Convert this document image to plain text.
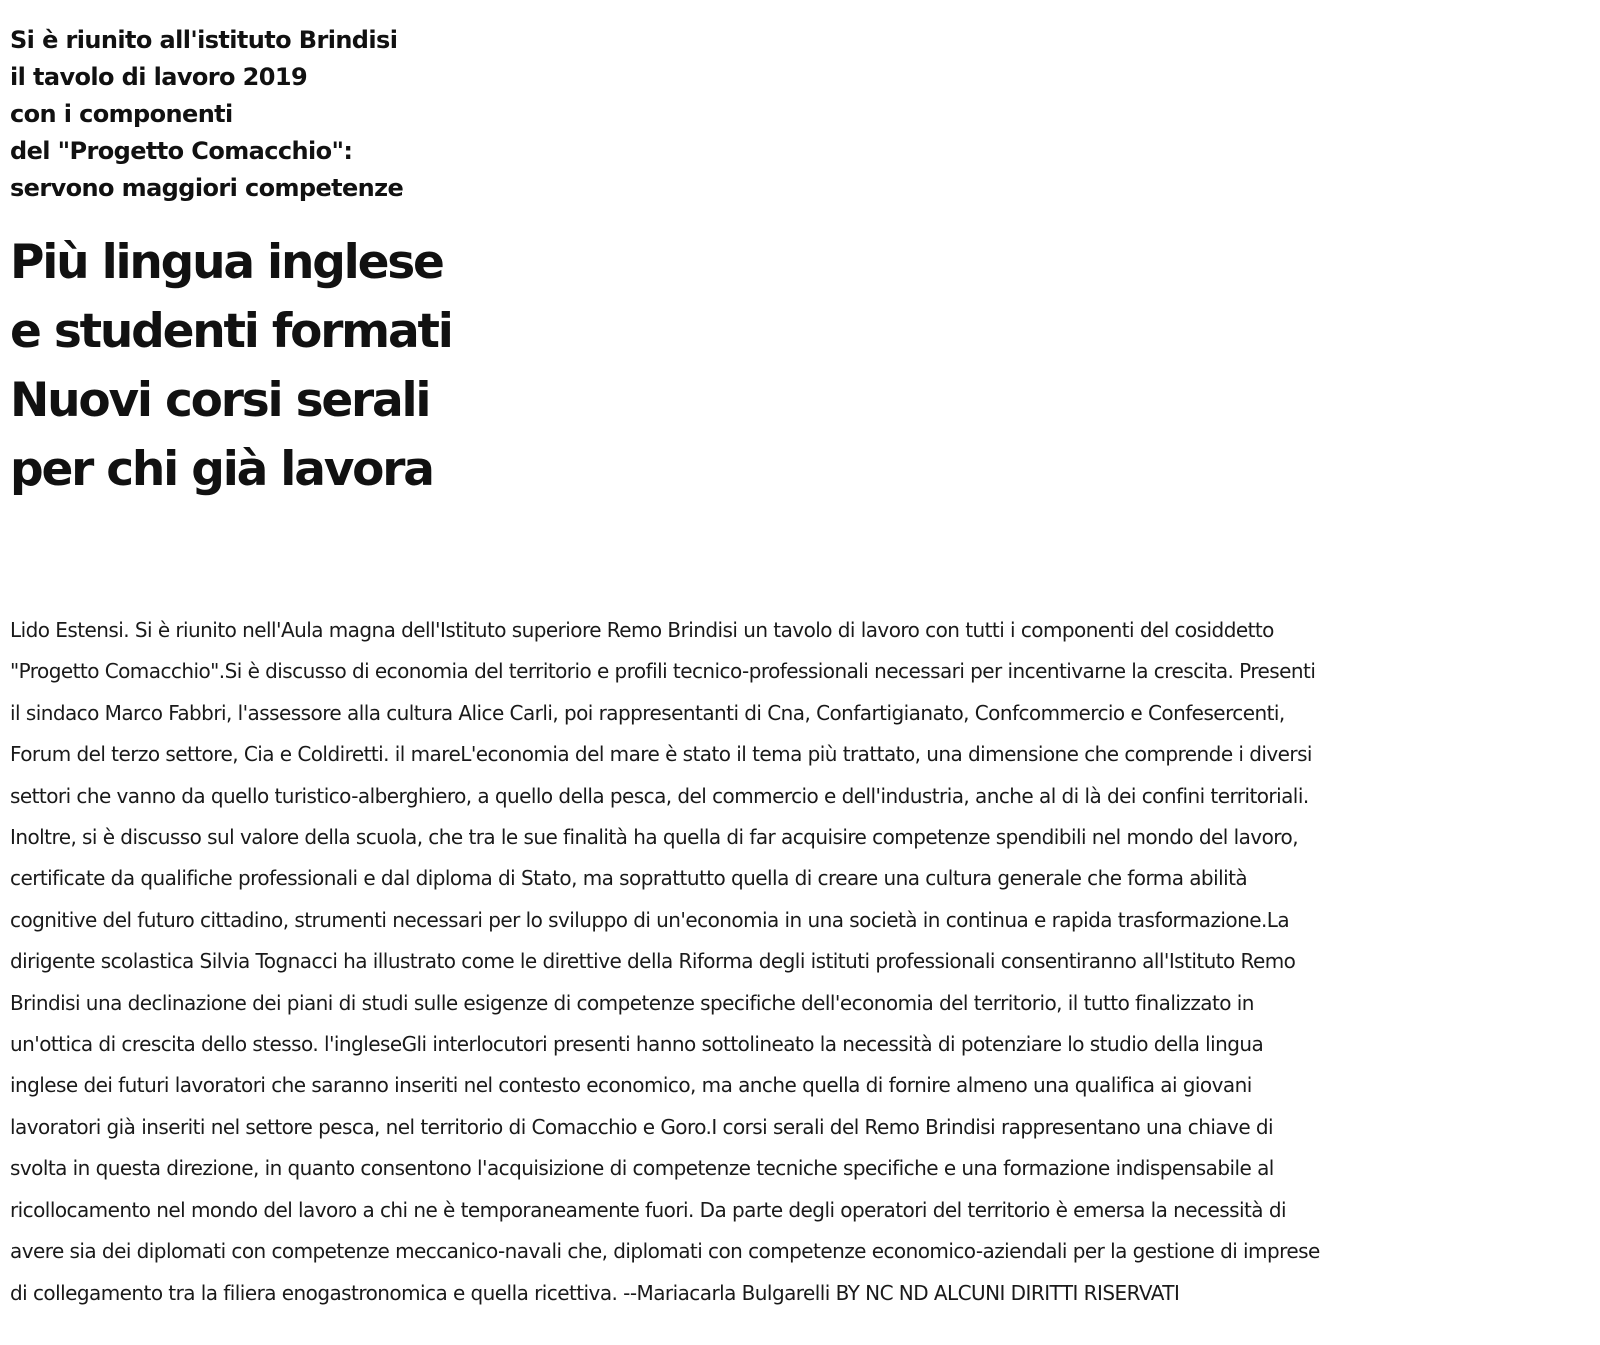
Si è riunito all'istituto Brindisi
il tavolo di lavoro 2019
con i componenti
del "Progetto Comacchio":
servono maggiori competenze
Più lingua inglese
e studenti formati
Nuovi corsi serali
per chi già lavora

Lido Estensi. Si è riunito nell'Aula magna dell'Istituto superiore Remo Brindisi un tavolo di lavoro con tutti i componenti del cosiddetto
"Progetto Comacchio".Si è discusso di economia del territorio e profili tecnico-professionali necessari per incentivarne la crescita. Presenti
il sindaco Marco Fabbri, l'assessore alla cultura Alice Carli, poi rappresentanti di Cna, Confartigianato, Confcommercio e Confesercenti,
Forum del terzo settore, Cia e Coldiretti. il mareL'economia del mare è stato il tema più trattato, una dimensione che comprende i diversi
settori che vanno da quello turistico-alberghiero, a quello della pesca, del commercio e dell'industria, anche al di là dei confini territoriali.
Inoltre, si è discusso sul valore della scuola, che tra le sue finalità ha quella di far acquisire competenze spendibili nel mondo del lavoro,
certificate da qualifiche professionali e dal diploma di Stato, ma soprattutto quella di creare una cultura generale che forma abilità
cognitive del futuro cittadino, strumenti necessari per lo sviluppo di un'economia in una società in continua e rapida trasformazione.La
dirigente scolastica Silvia Tognacci ha illustrato come le direttive della Riforma degli istituti professionali consentiranno all'Istituto Remo
Brindisi una declinazione dei piani di studi sulle esigenze di competenze specifiche dell'economia del territorio, il tutto finalizzato in
un'ottica di crescita dello stesso. l'ingleseGli interlocutori presenti hanno sottolineato la necessità di potenziare lo studio della lingua
inglese dei futuri lavoratori che saranno inseriti nel contesto economico, ma anche quella di fornire almeno una qualifica ai giovani
lavoratori già inseriti nel settore pesca, nel territorio di Comacchio e Goro.I corsi serali del Remo Brindisi rappresentano una chiave di
svolta in questa direzione, in quanto consentono l'acquisizione di competenze tecniche specifiche e una formazione indispensabile al
ricollocamento nel mondo del lavoro a chi ne è temporaneamente fuori. Da parte degli operatori del territorio è emersa la necessità di
avere sia dei diplomati con competenze meccanico-navali che, diplomati con competenze economico-aziendali per la gestione di imprese
di collegamento tra la filiera enogastronomica e quella ricettiva. --Mariacarla Bulgarelli BY NC ND ALCUNI DIRITTI RISERVATI
